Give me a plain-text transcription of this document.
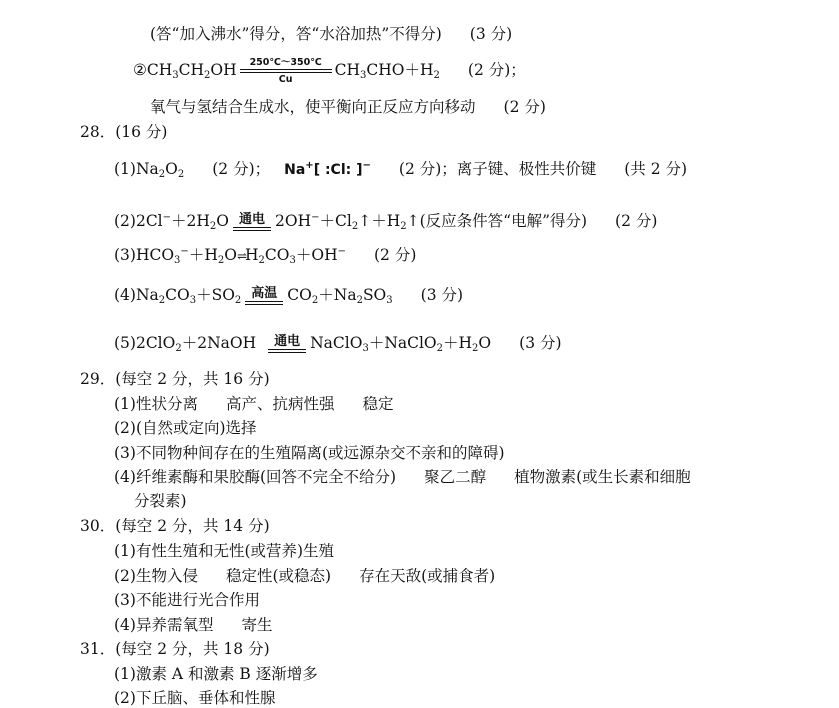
(答“加入沸水”得分，答“水浴加热”不得分) (3 分)
$②CH_3CH_2OH$	250℃～350℃
Cu
$CH_3CHO+H_2$ (2 分)；
氧气与氢结合生成水，使平衡向正反应方向移动 (2 分)
28．(16 分)
$(1)Na_2O_2$ (2 分)； Na+[ :Cl: ]− (2 分)；离子键、极性共价键 (共 2 分)
$(2)2Cl^-+2H_2O$ 通电 $2OH^-+Cl_2↑+H_2↑$(反应条件答“电解”得分) (2 分)
$(3)HCO_3^-+H_2O\rightleftharpoons H_2CO_3+OH^-$ (2 分)
$(4)Na_2CO_3+SO_2$ 高温 $CO_2+Na_2SO_3$ (3 分)
(5)2ClO$_2$＋2NaOH	通电 $NaClO_3+NaClO_2+H_2O$ (3 分)
29．(每空 2 分，共 16 分)
(1)性状分离 高产、抗病性强 稳定
(2)(自然或定向)选择
(3)不同物种间存在的生殖隔离(或远源杂交不亲和的障碍)
(4)纤维素酶和果胶酶(回答不完全不给分) 聚乙二醇 植物激素(或生长素和细胞
分裂素)
30．(每空 2 分，共 14 分)
(1)有性生殖和无性(或营养)生殖
(2)生物入侵 稳定性(或稳态) 存在天敌(或捕食者)
(3)不能进行光合作用
(4)异养需氧型 寄生
31．(每空 2 分，共 18 分)
(1)激素 A 和激素 B 逐渐增多
(2)下丘脑、垂体和性腺
